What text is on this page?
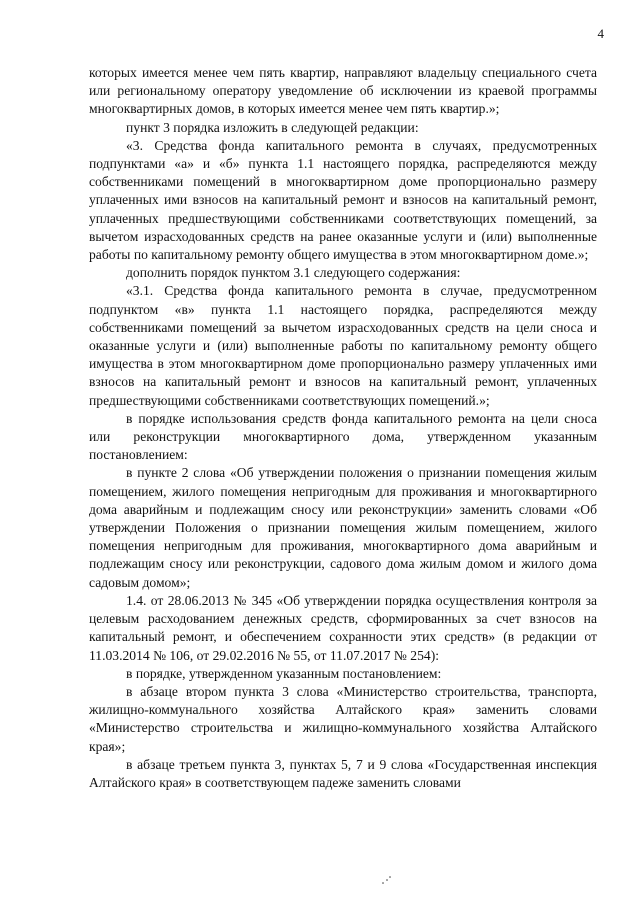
4

которых имеется менее чем пять квартир, направляют владельцу специального счета или региональному оператору уведомление об исключении из краевой программы многоквартирных домов, в которых имеется менее чем пять квартир.»;

пункт 3 порядка изложить в следующей редакции:

«3. Средства фонда капитального ремонта в случаях, предусмотренных подпунктами «а» и «б» пункта 1.1 настоящего порядка, распределяются между собственниками помещений в многоквартирном доме пропорционально размеру уплаченных ими взносов на капитальный ремонт и взносов на капитальный ремонт, уплаченных предшествующими собственниками соответствующих помещений, за вычетом израсходованных средств на ранее оказанные услуги и (или) выполненные работы по капитальному ремонту общего имущества в этом многоквартирном доме.»;

дополнить порядок пунктом 3.1 следующего содержания:

«3.1. Средства фонда капитального ремонта в случае, предусмотренном подпунктом «в» пункта 1.1 настоящего порядка, распределяются между собственниками помещений за вычетом израсходованных средств на цели сноса и оказанные услуги и (или) выполненные работы по капитальному ремонту общего имущества в этом многоквартирном доме пропорционально размеру уплаченных ими взносов на капитальный ремонт и взносов на капитальный ремонт, уплаченных предшествующими собственниками соответствующих помещений.»;

в порядке использования средств фонда капитального ремонта на цели сноса или реконструкции многоквартирного дома, утвержденном указанным постановлением:

в пункте 2 слова «Об утверждении положения о признании помещения жилым помещением, жилого помещения непригодным для проживания и многоквартирного дома аварийным и подлежащим сносу или реконструкции» заменить словами «Об утверждении Положения о признании помещения жилым помещением, жилого помещения непригодным для проживания, многоквартирного дома аварийным и подлежащим сносу или реконструкции, садового дома жилым домом и жилого дома садовым домом»;

1.4. от 28.06.2013 № 345 «Об утверждении порядка осуществления контроля за целевым расходованием денежных средств, сформированных за счет взносов на капитальный ремонт, и обеспечением сохранности этих средств» (в редакции от 11.03.2014 № 106, от 29.02.2016 № 55, от 11.07.2017 № 254):

в порядке, утвержденном указанным постановлением:

в абзаце втором пункта 3 слова «Министерство строительства, транспорта, жилищно-коммунального хозяйства Алтайского края» заменить словами «Министерство строительства и жилищно-коммунального хозяйства Алтайского края»;

в абзаце третьем пункта 3, пунктах 5, 7 и 9 слова «Государственная инспекция Алтайского края» в соответствующем падеже заменить словами
